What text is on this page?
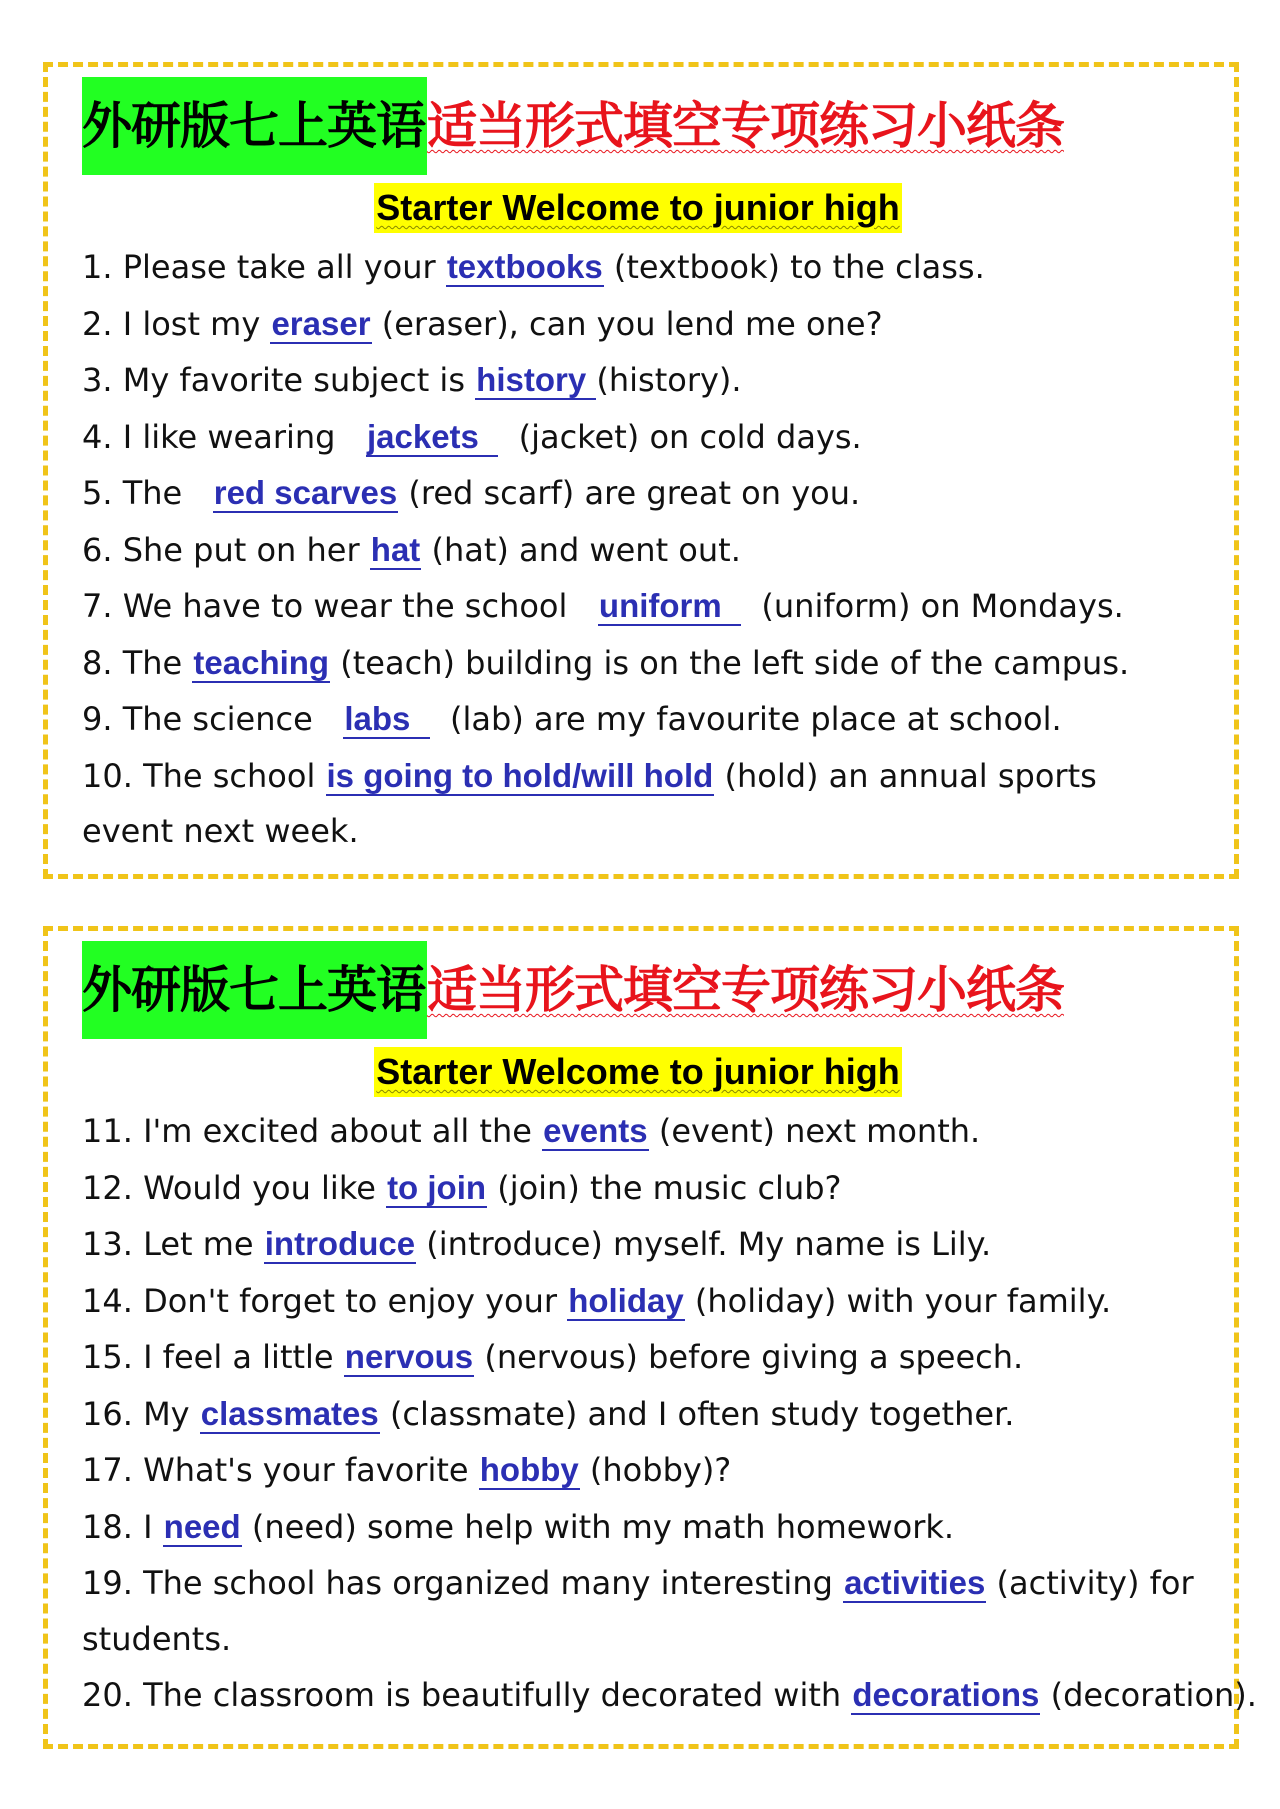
外研版七上英语 适当形式填空专项练习小纸条
Starter Welcome to junior high
1. Please take all your textbooks (textbook) to the class.
2. I lost my eraser (eraser), can you lend me one?
3. My favorite subject is history (history).
4. I like wearing   jackets    (jacket) on cold days.
5. The   red scarves (red scarf) are great on you.
6. She put on her hat (hat) and went out.
7. We have to wear the school   uniform    (uniform) on Mondays.
8. The teaching (teach) building is on the left side of the campus.
9. The science   labs    (lab) are my favourite place at school.
10. The school is going to hold/will hold (hold) an annual sports event next week.
外研版七上英语 适当形式填空专项练习小纸条
Starter Welcome to junior high
11. I'm excited about all the events (event) next month.
12. Would you like to join (join) the music club?
13. Let me introduce (introduce) myself. My name is Lily.
14. Don't forget to enjoy your holiday (holiday) with your family.
15. I feel a little nervous (nervous) before giving a speech.
16. My classmates (classmate) and I often study together.
17. What's your favorite hobby (hobby)?
18. I need (need) some help with my math homework.
19. The school has organized many interesting activities (activity) for students.
20. The classroom is beautifully decorated with decorations (decoration).
